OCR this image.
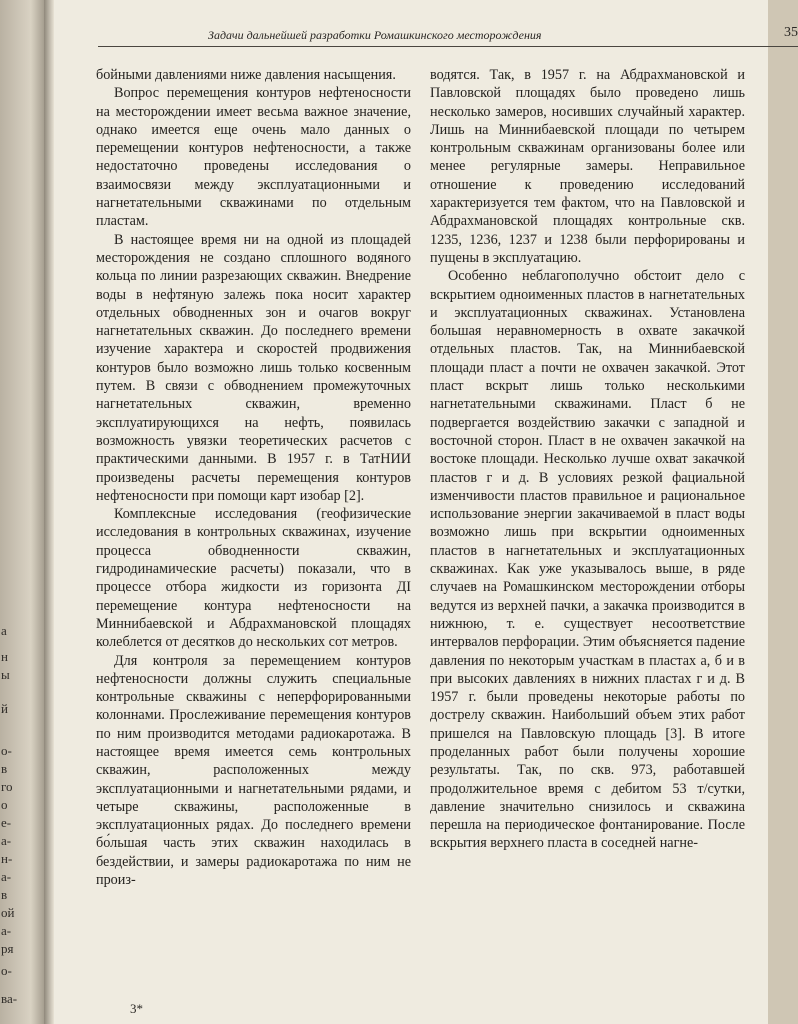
а
н
ы
й
о-
в
го
о
е-
а-
н-
а-
в
ой
а-
ря
о-
ва-
Задачи дальнейшей разработки Ромашкинского месторождения	35

бойными давлениями ниже давления насыщения.

Вопрос перемещения контуров нефтеносности на месторождении имеет весьма важное значение, однако имеется еще очень мало данных о перемещении контуров нефтеносности, а также недостаточно проведены исследования о взаимосвязи между эксплуатационными и нагнетательными скважинами по отдельным пластам.

В настоящее время ни на одной из площадей месторождения не создано сплошного водяного кольца по линии разрезающих скважин. Внедрение воды в нефтяную залежь пока носит характер отдельных обводненных зон и очагов вокруг нагнетательных скважин. До последнего времени изучение характера и скоростей продвижения контуров было возможно лишь только косвенным путем. В связи с обводнением промежуточных нагнетательных скважин, временно эксплуатирующихся на нефть, появилась возможность увязки теоретических расчетов с практическими данными. В 1957 г. в ТатНИИ произведены расчеты перемещения контуров нефтеносности при помощи карт изобар [2].

Комплексные исследования (геофизические исследования в контрольных скважинах, изучение процесса обводненности скважин, гидродинамические расчеты) показали, что в процессе отбора жидкости из горизонта ДI перемещение контура нефтеносности на Миннибаевской и Абдрахмановской площадях колеблется от десятков до нескольких сот метров.

Для контроля за перемещением контуров нефтеносности должны служить специальные контрольные скважины с неперфорированными колоннами. Прослеживание перемещения контуров по ним производится методами радиокаротажа. В настоящее время имеется семь контрольных скважин, расположенных между эксплуатационными и нагнетательными рядами, и четыре скважины, расположенные в эксплуатационных рядах. До последнего времени бо́льшая часть этих скважин находилась в бездействии, и замеры радиокаротажа по ним не произ-

водятся. Так, в 1957 г. на Абдрахмановской и Павловской площадях было проведено лишь несколько замеров, носивших случайный характер. Лишь на Миннибаевской площади по четырем контрольным скважинам организованы более или менее регулярные замеры. Неправильное отношение к проведению исследований характеризуется тем фактом, что на Павловской и Абдрахмановской площадях контрольные скв. 1235, 1236, 1237 и 1238 были перфорированы и пущены в эксплуатацию.

Особенно неблагополучно обстоит дело с вскрытием одноименных пластов в нагнетательных и эксплуатационных скважинах. Установлена большая неравномерность в охвате закачкой отдельных пластов. Так, на Миннибаевской площади пласт а почти не охвачен закачкой. Этот пласт вскрыт лишь только несколькими нагнетательными скважинами. Пласт б не подвергается воздействию закачки с западной и восточной сторон. Пласт в не охвачен закачкой на востоке площади. Несколько лучше охват закачкой пластов г и д. В условиях резкой фациальной изменчивости пластов правильное и рациональное использование энергии закачиваемой в пласт воды возможно лишь при вскрытии одноименных пластов в нагнетательных и эксплуатационных скважинах. Как уже указывалось выше, в ряде случаев на Ромашкинском месторождении отборы ведутся из верхней пачки, а закачка производится в нижнюю, т. е. существует несоответствие интервалов перфорации. Этим объясняется падение давления по некоторым участкам в пластах а, б и в при высоких давлениях в нижних пластах г и д. В 1957 г. были проведены некоторые работы по дострелу скважин. Наибольший объем этих работ пришелся на Павловскую площадь [3]. В итоге проделанных работ были получены хорошие результаты. Так, по скв. 973, работавшей продолжительное время с дебитом 53 т/сутки, давление значительно снизилось и скважина перешла на периодическое фонтанирование. После вскрытия верхнего пласта в соседней нагне-

3*
